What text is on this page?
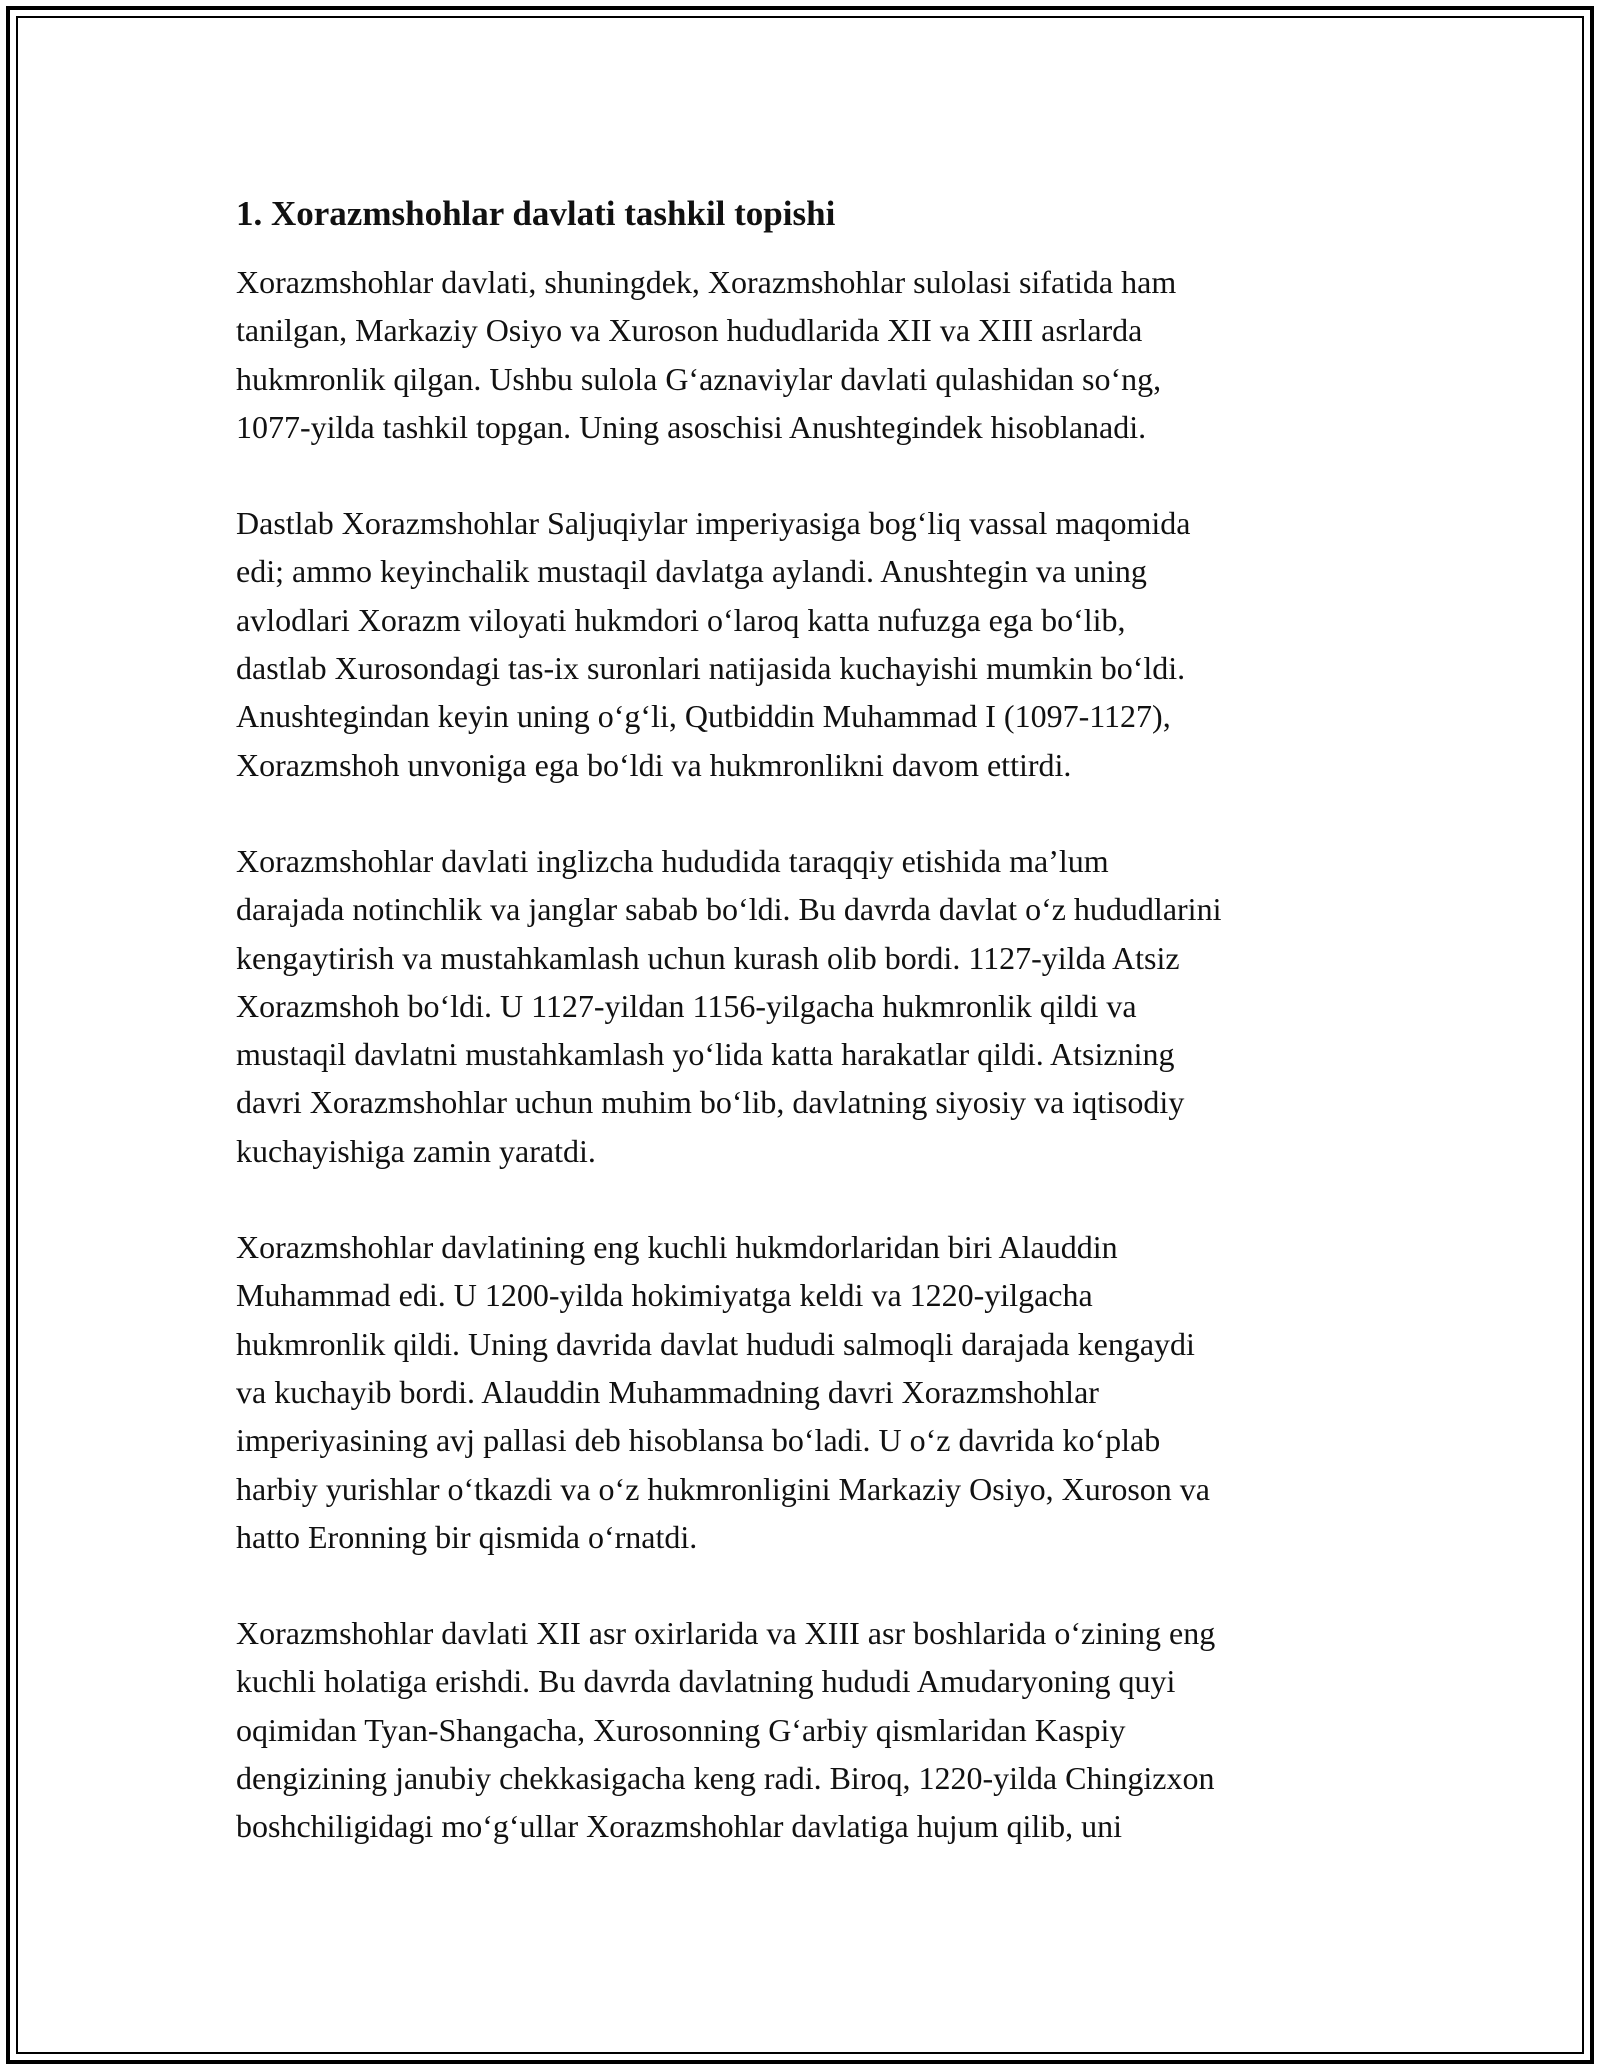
1. Xorazmshohlar davlati tashkil topishi
Xorazmshohlar davlati, shuningdek, Xorazmshohlar sulolasi sifatida ham
tanilgan, Markaziy Osiyo va Xuroson hududlarida XII va XIII asrlarda
hukmronlik qilgan. Ushbu sulola G‘aznaviylar davlati qulashidan so‘ng,
1077-yilda tashkil topgan. Uning asoschisi Anushtegindek hisoblanadi.
Dastlab Xorazmshohlar Saljuqiylar imperiyasiga bog‘liq vassal maqomida
edi; ammo keyinchalik mustaqil davlatga aylandi. Anushtegin va uning
avlodlari Xorazm viloyati hukmdori o‘laroq katta nufuzga ega bo‘lib,
dastlab Xurosondagi tas-ix suronlari natijasida kuchayishi mumkin bo‘ldi.
Anushtegindan keyin uning o‘g‘li, Qutbiddin Muhammad I (1097-1127),
Xorazmshoh unvoniga ega bo‘ldi va hukmronlikni davom ettirdi.
Xorazmshohlar davlati inglizcha hududida taraqqiy etishida ma’lum
darajada notinchlik va janglar sabab bo‘ldi. Bu davrda davlat o‘z hududlarini
kengaytirish va mustahkamlash uchun kurash olib bordi. 1127-yilda Atsiz
Xorazmshoh bo‘ldi. U 1127-yildan 1156-yilgacha hukmronlik qildi va
mustaqil davlatni mustahkamlash yo‘lida katta harakatlar qildi. Atsizning
davri Xorazmshohlar uchun muhim bo‘lib, davlatning siyosiy va iqtisodiy
kuchayishiga zamin yaratdi.
Xorazmshohlar davlatining eng kuchli hukmdorlaridan biri Alauddin
Muhammad edi. U 1200-yilda hokimiyatga keldi va 1220-yilgacha
hukmronlik qildi. Uning davrida davlat hududi salmoqli darajada kengaydi
va kuchayib bordi. Alauddin Muhammadning davri Xorazmshohlar
imperiyasining avj pallasi deb hisoblansa bo‘ladi. U o‘z davrida ko‘plab
harbiy yurishlar o‘tkazdi va o‘z hukmronligini Markaziy Osiyo, Xuroson va
hatto Eronning bir qismida o‘rnatdi.
Xorazmshohlar davlati XII asr oxirlarida va XIII asr boshlarida o‘zining eng
kuchli holatiga erishdi. Bu davrda davlatning hududi Amudaryoning quyi
oqimidan Tyan-Shangacha, Xurosonning G‘arbiy qismlaridan Kaspiy
dengizining janubiy chekkasigacha keng radi. Biroq, 1220-yilda Chingizxon
boshchiligidagi mo‘g‘ullar Xorazmshohlar davlatiga hujum qilib, uni
